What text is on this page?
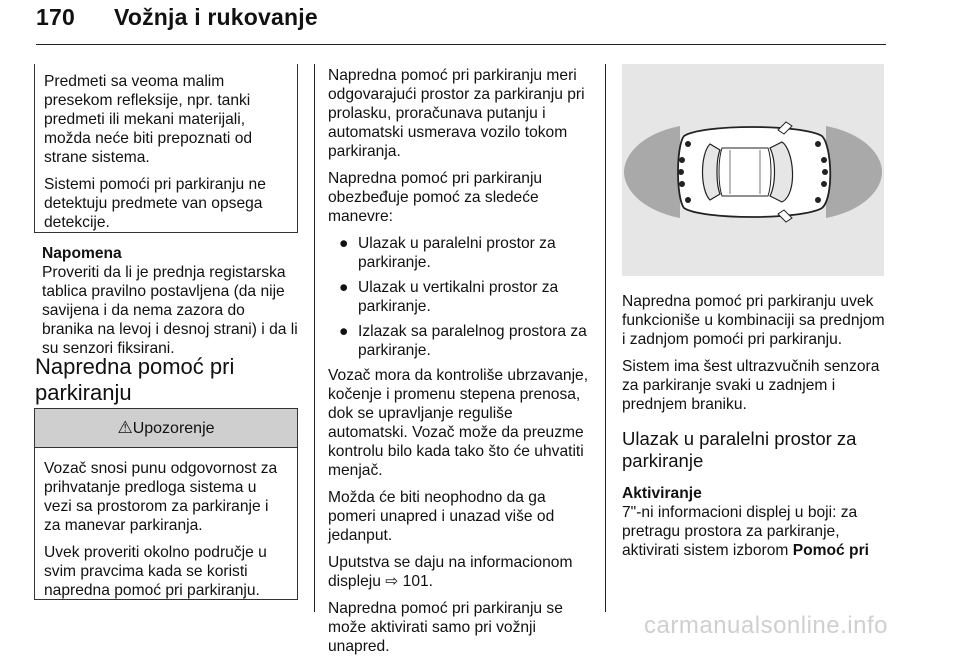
170 Vožnja i rukovanje

Predmeti sa veoma malim presekom refleksije, npr. tanki predmeti ili mekani materijali, možda neće biti prepoznati od strane sistema.

Sistemi pomoći pri parkiranju ne detektuju predmete van opsega detekcije.

Napomena
Proveriti da li je prednja registarska tablica pravilno postavljena (da nije savijena i da nema zazora do branika na levoj i desnoj strani) i da li su senzori fiksirani.
Napredna pomoć pri parkiranju
⚠Upozorenje

Vozač snosi punu odgovornost za prihvatanje predloga sistema u vezi sa prostorom za parkiranje i za manevar parkiranja.

Uvek proveriti okolno područje u svim pravcima kada se koristi napredna pomoć pri parkiranju.

Napredna pomoć pri parkiranju meri odgovarajući prostor za parkiranju pri prolasku, proračunava putanju i automatski usmerava vozilo tokom parkiranja.

Napredna pomoć pri parkiranju obezbeđuje pomoć za sledeće manevre:

● Ulazak u paralelni prostor za parkiranje.
● Ulazak u vertikalni prostor za parkiranje.
● Izlazak sa paralelnog prostora za parkiranje.

Vozač mora da kontroliše ubrzavanje, kočenje i promenu stepena prenosa, dok se upravljanje reguliše automatski. Vozač može da preuzme kontrolu bilo kada tako što će uhvatiti menjač.

Možda će biti neophodno da ga pomeri unapred i unazad više od jedanput.

Uputstva se daju na informacionom displeju ⇨ 101.

Napredna pomoć pri parkiranju se može aktivirati samo pri vožnji unapred.

Napredna pomoć pri parkiranju uvek funkcioniše u kombinaciji sa prednjom i zadnjom pomoći pri parkiranju.

Sistem ima šest ultrazvučnih senzora za parkiranje svaki u zadnjem i prednjem braniku.

Ulazak u paralelni prostor za parkiranje
Aktiviranje

7"-ni informacioni displej u boji: za pretragu prostora za parkiranje, aktivirati sistem izborom Pomoć pri

carmanualsonline.info
